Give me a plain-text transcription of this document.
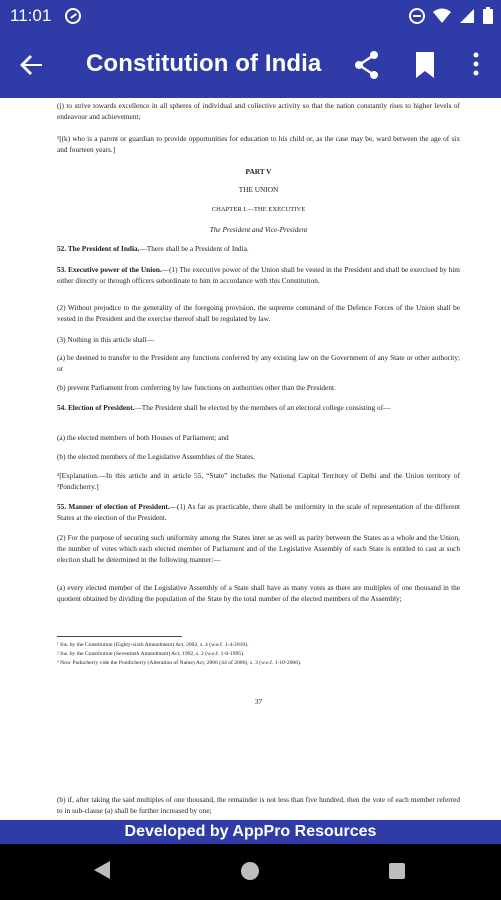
11:01
Constitution of India

(j) to strive towards excellence in all spheres of individual and collective activity so that the nation constantly rises to higher levels of endeavour and achievement;

¹[(k) who is a parent or guardian to provide opportunities for education to his child or, as the case may be, ward between the age of six and fourteen years.]

PART V

THE UNION

CHAPTER I.—THE EXECUTIVE

The President and Vice-President

52. The President of India.—There shall be a President of India.

53. Executive power of the Union.—(1) The executive power of the Union shall be vested in the President and shall be exercised by him either directly or through officers subordinate to him in accordance with this Constitution.

(2) Without prejudice to the generality of the foregoing provision, the supreme command of the Defence Forces of the Union shall be vested in the President and the exercise thereof shall be regulated by law.

(3) Nothing in this article shall—

(a) be deemed to transfer to the President any functions conferred by any existing law on the Government of any State or other authority; or

(b) prevent Parliament from conferring by law functions on authorities other than the President.

54. Election of President.—The President shall be elected by the members of an electoral college consisting of—

(a) the elected members of both Houses of Parliament; and

(b) the elected members of the Legislative Assemblies of the States.

²[Explanation.—In this article and in article 55, “State” includes the National Capital Territory of Delhi and the Union territory of ³Pondicherry.]

55. Manner of election of President.—(1) As far as practicable, there shall be uniformity in the scale of representation of the different States at the election of the President.

(2) For the purpose of securing such uniformity among the States inter se as well as parity between the States as a whole and the Union, the number of votes which each elected member of Parliament and of the Legislative Assembly of each State is entitled to cast at such election shall be determined in the following manner:—

(a) every elected member of the Legislative Assembly of a State shall have as many votes as there are multiples of one thousand in the quotient obtained by dividing the population of the State by the total number of the elected members of the Assembly;

¹ Ins. by the Constitution (Eighty-sixth Amendment) Act, 2002, s. 4 (w.e.f. 1-4-2010).

² Ins. by the Constitution (Seventieth Amendment) Act, 1992, s. 2 (w.e.f. 1-6-1995).

³ Now Puducherry vide the Pondicherry (Alteration of Name) Act, 2006 (44 of 2006), s. 3 (w.e.f. 1-10-2006).

37

(b) if, after taking the said multiples of one thousand, the remainder is not less than five hundred, then the vote of each member referred to in sub-clause (a) shall be further increased by one;

Developed by AppPro Resources
